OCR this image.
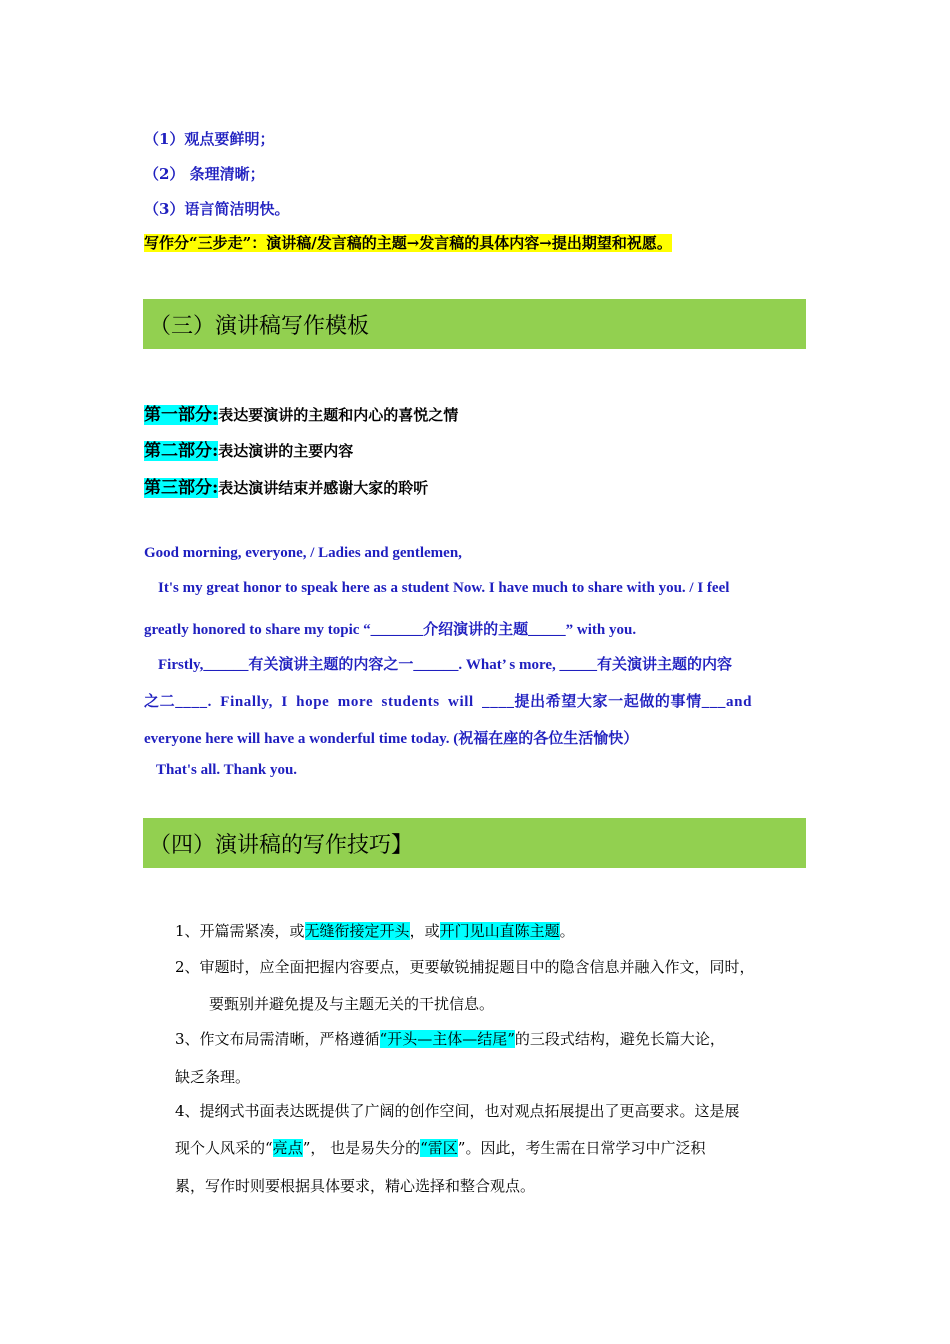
（1）观点要鲜明；
（2） 条理清晰；
（3）语言简洁明快。
写作分“三步走”：演讲稿/发言稿的主题→发言稿的具体内容→提出期望和祝愿。
（三）演讲稿写作模板
第一部分:表达要演讲的主题和内心的喜悦之情
第二部分:表达演讲的主要内容
第三部分:表达演讲结束并感谢大家的聆听
Good morning, everyone, / Ladies and gentlemen,
It's my great honor to speak here as a student Now. I have much to share with you. / I feel
greatly honored to share my topic “_______介绍演讲的主题_____” with you.
Firstly,______有关演讲主题的内容之一______. What’ s more, _____有关演讲主题的内容
之二____. Finally, I hope more students will ____提出希望大家一起做的事情___and
everyone here will have a wonderful time today. (祝福在座的各位生活愉快）
That's all. Thank you.
（四）演讲稿的写作技巧】
1、开篇需紧凑，或无缝衔接定开头，或开门见山直陈主题。
2、审题时，应全面把握内容要点，更要敏锐捕捉题目中的隐含信息并融入作文，同时，
要甄别并避免提及与主题无关的干扰信息。
3、作文布局需清晰，严格遵循“开头—主体—结尾”的三段式结构，避免长篇大论，
缺乏条理。
4、提纲式书面表达既提供了广阔的创作空间，也对观点拓展提出了更高要求。这是展
现个人风采的“亮点”， 也是易失分的“雷区”。因此，考生需在日常学习中广泛积
累，写作时则要根据具体要求，精心选择和整合观点。
